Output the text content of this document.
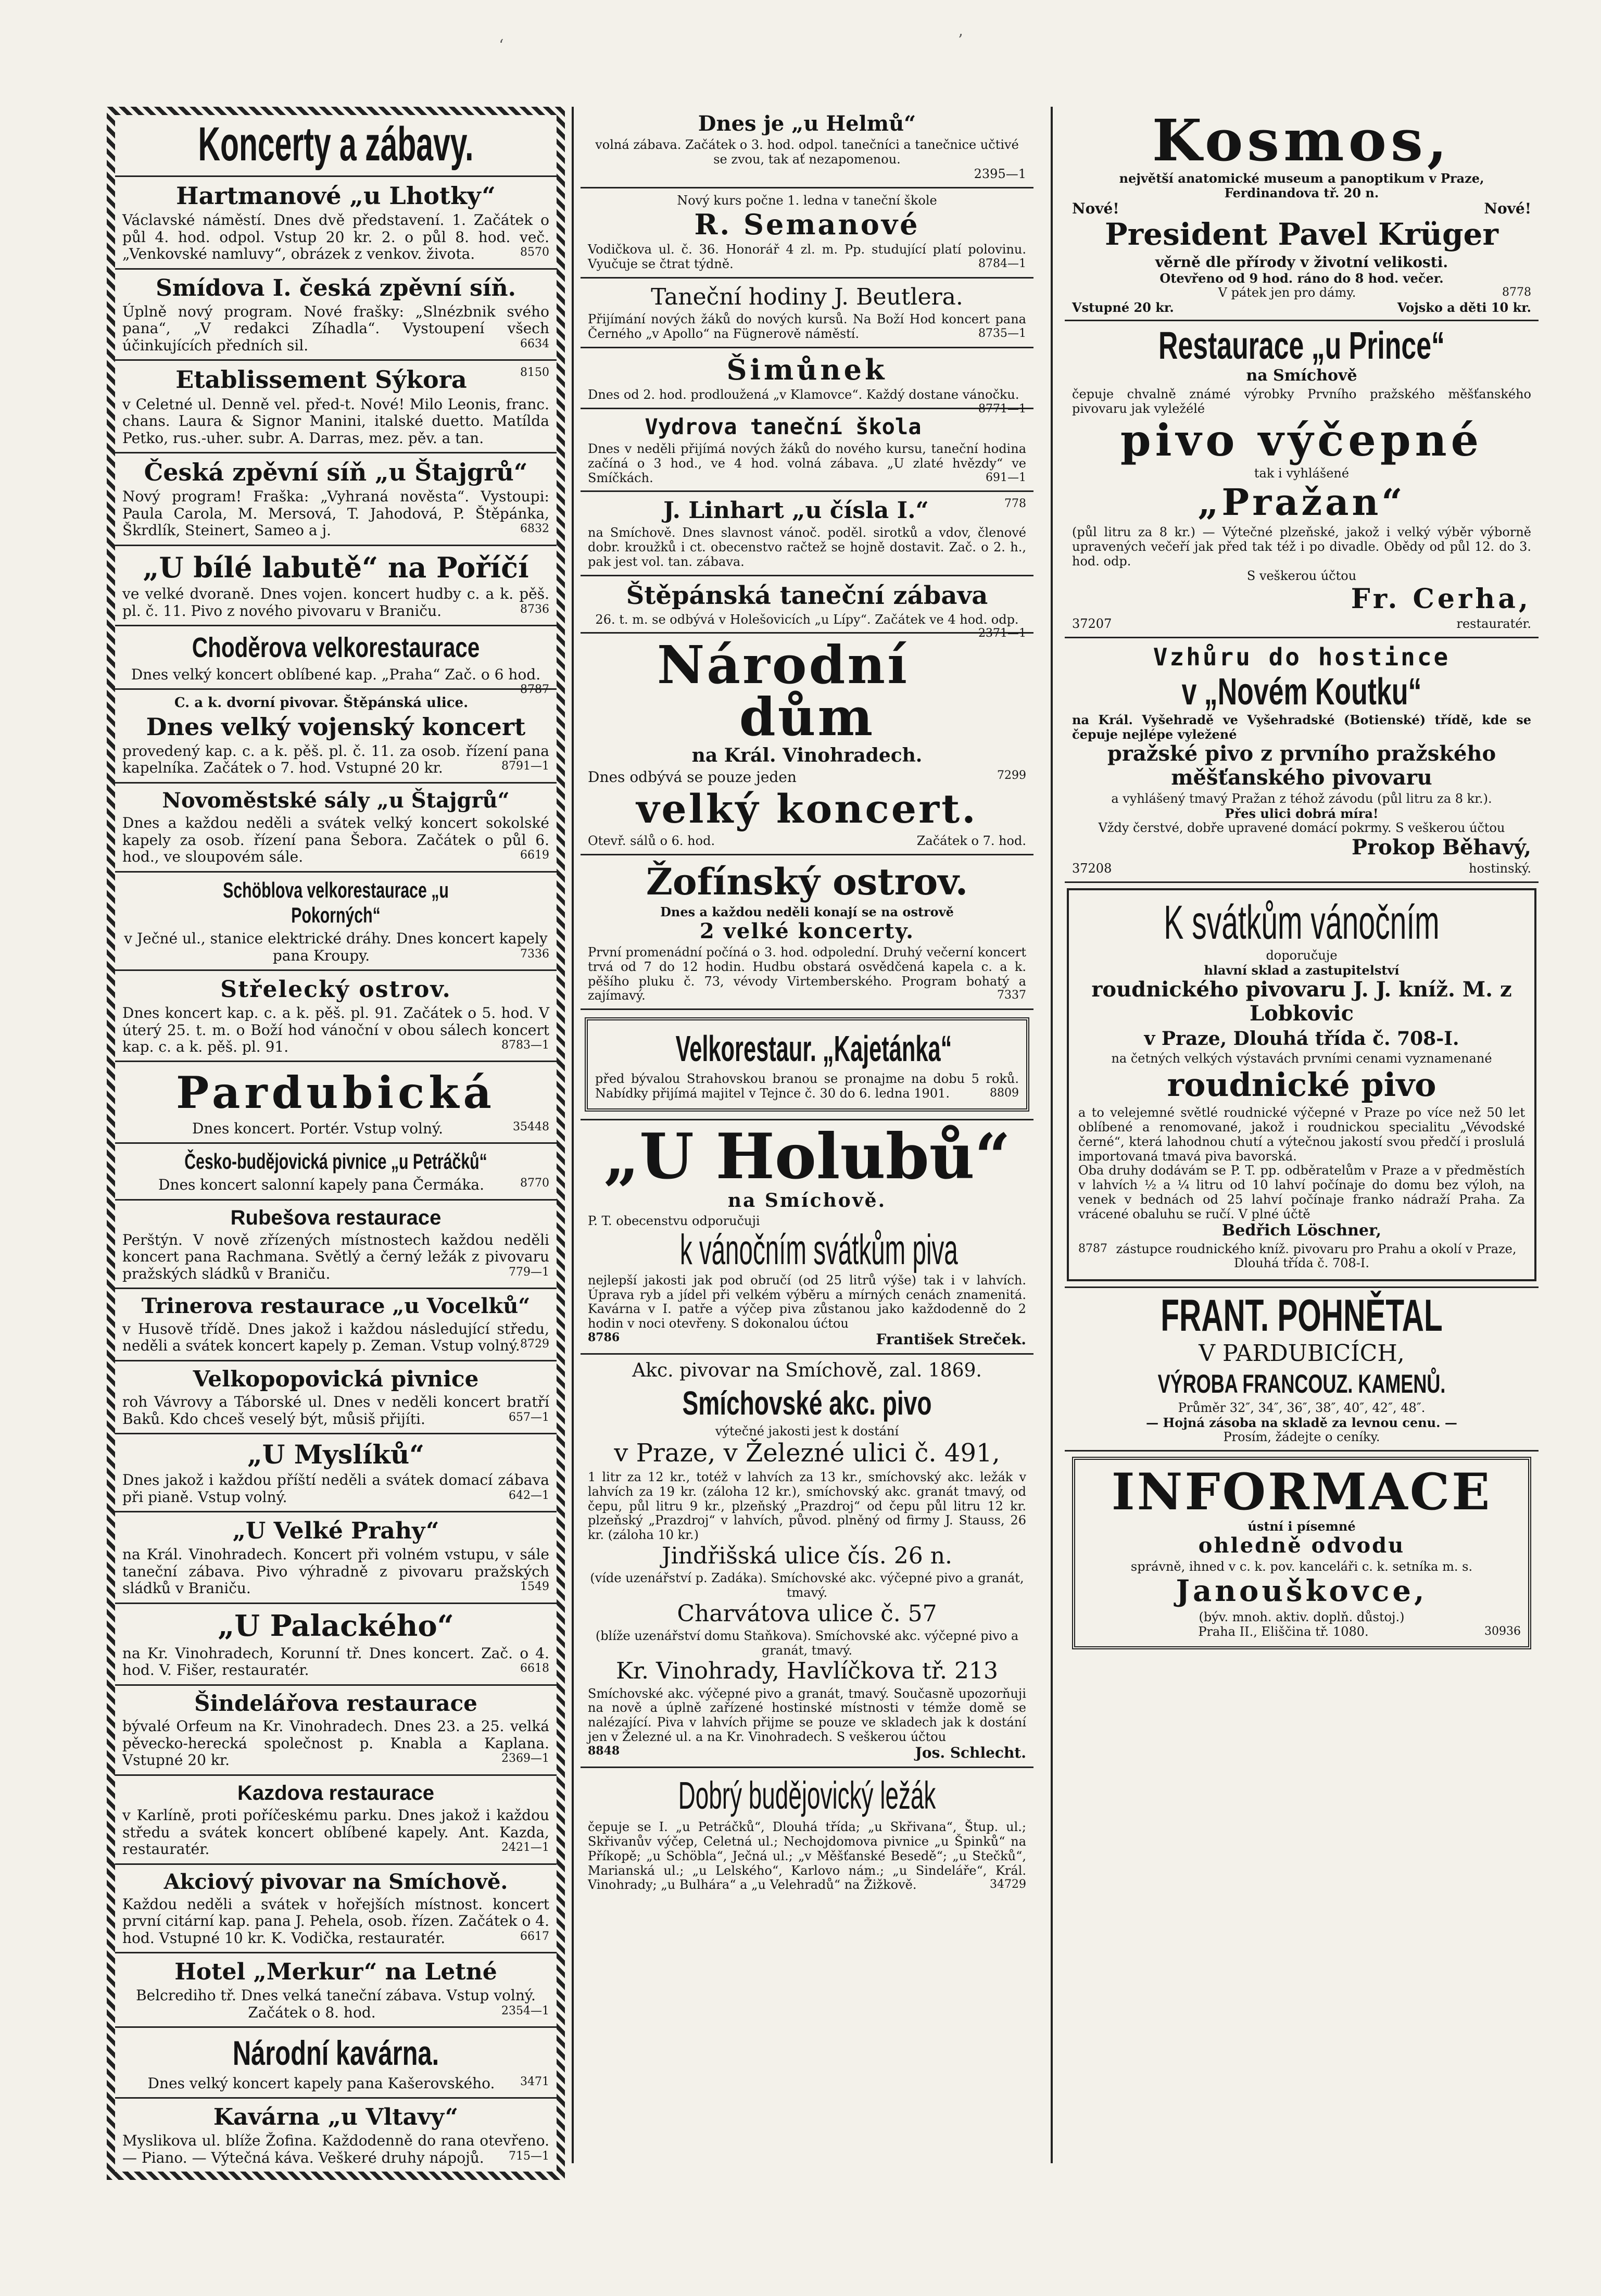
‘	’
Koncerty a zábavy.
Hartmanové „u Lhotky“

Václavské náměstí. Dnes dvě představení. 1. Začátek o půl 4. hod. odpol. Vstup 20 kr. 2. o půl 8. hod. več. „Venkovské namluvy“, obrázek z venkov. života.	8570

Smídova I. česká zpěvní síň.

Úplně nový program. Nové frašky: „Slnézbnik svého pana“, „V redakci Zíhadla“. Vystoupení všech účinkujících předních sil.	6634

Etablissement Sýkora	8150

v Celetné ul. Denně vel. před-t. Nové! Milo Leonis, franc. chans. Laura & Signor Manini, italské duetto. Matílda Petko, rus.-uher. subr. A. Darras, mez. pěv. a tan.

Česká zpěvní síň „u Štajgrů“

Nový program! Fraška: „Vyhraná nověsta“. Vystoupi: Paula Carola, M. Mersová, T. Jahodová, P. Štěpánka, Škrdlík, Steinert, Sameo a j.	6832

„U bílé labutě“ na Poříčí

ve velké dvoraně. Dnes vojen. koncert hudby c. a k. pěš. pl. č. 11. Pivo z nového pivovaru v Braniču.	8736

Choděrova velkorestaurace

Dnes velký koncert oblíbené kap. „Praha“ Zač. o 6 hod.
8787

C. a k. dvorní pivovar. Štěpánská ulice.
Dnes velký vojenský koncert

provedený kap. c. a k. pěš. pl. č. 11. za osob. řízení pana kapelníka. Začátek o 7. hod. Vstupné 20 kr.	8791—1

Novoměstské sály „u Štajgrů“

Dnes a každou neděli a svátek velký koncert sokolské kapely za osob. řízení pana Šebora. Začátek o půl 6. hod., ve sloupovém sále.	6619

Schöblova velkorestaurace „u Pokorných“

v Ječné ul., stanice elektrické dráhy. Dnes koncert kapely pana Kroupy.	7336

Střelecký ostrov.

Dnes koncert kap. c. a k. pěš. pl. 91. Začátek o 5. hod. V úterý 25. t. m. o Boží hod vánoční v obou sálech koncert kap. c. a k. pěš. pl. 91.	8783—1

Pardubická

Dnes koncert. Portér. Vstup volný.	35448

Česko-budějovická pivnice „u Petráčků“

Dnes koncert salonní kapely pana Čermáka.	8770

Rubešova restaurace

Perštýn. V nově zřízených místnostech každou neděli koncert pana Rachmana. Světlý a černý ležák z pivovaru pražských sládků v Braniču.	779—1

Trinerova restaurace „u Vocelků“

v Husově třídě. Dnes jakož i každou následující středu, neděli a svátek koncert kapely p. Zeman. Vstup volný. 8729

Velkopopovická pivnice

roh Vávrovy a Táborské ul. Dnes v neděli koncert bratří Baků. Kdo chceš veselý být, můsiš přijíti.	657—1

„U Myslíků“

Dnes jakož i každou příští neděli a svátek domací zábava při pianě. Vstup volný.	642—1

„U Velké Prahy“

na Král. Vinohradech. Koncert při volném vstupu, v sále taneční zábava. Pivo výhradně z pivovaru pražských sládků v Braniču.	1549

„U Palackého“

na Kr. Vinohradech, Korunní tř. Dnes koncert. Zač. o 4. hod. V. Fišer, restauratér.	6618

Šindelářova restaurace

bývalé Orfeum na Kr. Vinohradech. Dnes 23. a 25. velká pěvecko-herecká společnost p. Knabla a Kaplana. Vstupné 20 kr.	2369—1

Kazdova restaurace

v Karlíně, proti poříčeskému parku. Dnes jakož i každou středu a svátek koncert oblíbené kapely. Ant. Kazda, restauratér.	2421—1

Akciový pivovar na Smíchově.

Každou neděli a svátek v hořejších místnost. koncert první citární kap. pana J. Pehela, osob. řízen. Začátek o 4. hod. Vstupné 10 kr. K. Vodička, restauratér.	6617

Hotel „Merkur“ na Letné

Belcrediho tř. Dnes velká taneční zábava. Vstup volný. Začátek o 8. hod.	2354—1

Národní kavárna.

Dnes velký koncert kapely pana Kašerovského. 3471

Kavárna „u Vltavy“

Myslikova ul. blíže Žofina. Každodenně do rana otevřeno. — Piano. — Výtečná káva. Veškeré druhy nápojů. 715—1

Dnes je „u Helmů“

volná zábava. Začátek o 3. hod. odpol. tanečníci a tanečnice učtivé se zvou, tak ať nezapomenou.

2395—1

Nový kurs počne 1. ledna v taneční škole

R. Semanové

Vodičkova ul. č. 36. Honorář 4 zl. m. Pp. studující platí polovinu. Vyučuje se čtrat týdně.	8784—1

Taneční hodiny J. Beutlera.

Přijímání nových žáků do nových kursů. Na Boží Hod koncert pana Černého „v Apollo“ na Fügnerově náměstí.	8735—1

Šimůnek

Dnes od 2. hod. prodloužená „v Klamovce“. Každý dostane vánočku.
8771—1

Vydrova taneční škola

Dnes v neděli přijímá nových žáků do nového kursu, taneční hodina začíná o 3 hod., ve 4 hod. volná zábava. „U zlaté hvězdy“ ve Smíčkách.	691—1

J. Linhart „u čísla I.“	778

na Smíchově. Dnes slavnost vánoč. poděl. sirotků a vdov, členové dobr. kroužků i ct. obecenstvo račtež se hojně dostavit. Zač. o 2. h., pak jest vol. tan. zábava.

Štěpánská taneční zábava

26. t. m. se odbývá v Holešovicích „u Lípy“. Začátek ve 4 hod. odp.
2371—1

Národní dům
na Král. Vinohradech.

Dnes odbývá se pouze jeden	7299

velký koncert.

Otevř. sálů o 6. hod.	Začátek o 7. hod.

Žofínský ostrov.

Dnes a každou neděli konají se na ostrově

2 velké koncerty.

První promenádní počíná o 3. hod. odpolední. Druhý večerní koncert trvá od 7 do 12 hodin. Hudbu obstará osvědčená kapela c. a k. pěšího pluku č. 73, vévody Virtemberského. Program bohatý a zajímavý.	7337

Velkorestaur. „Kajetánka“

před bývalou Strahovskou branou se pronajme na dobu 5 roků. Nabídky přijímá majitel v Tejnce č. 30 do 6. ledna 1901.	8809

„U Holubů“
na Smíchově.

P. T. obecenstvu odporučuji

k vánočním svátkům piva

nejlepší jakosti jak pod obručí (od 25 litrů výše) tak i v lahvích. Úprava ryb a jídel při velkém výběru a mírných cenách znamenitá. Kavárna v I. patře a výčep piva zůstanou jako každodenně do 2 hodin v noci otevřeny. S dokonalou úćtou

8786	František Streček.

Akc. pivovar na Smíchově, zal. 1869.
Smíchovské akc. pivo

výtečné jakosti jest k dostání

v Praze, v Železné ulici č. 491,

1 litr za 12 kr., totéž v lahvích za 13 kr., smíchovský akc. ležák v lahvích za 19 kr. (záloha 12 kr.), smíchovský akc. granát tmavý, od čepu, půl litru 9 kr., plzeňský „Prazdroj“ od čepu půl litru 12 kr. plzeňský „Prazdroj“ v lahvích, původ. plněný od firmy J. Stauss, 26 kr. (záloha 10 kr.)

Jindřišská ulice čís. 26 n.

(víde uzenářství p. Zadáka). Smíchovské akc. výčepné pivo a granát, tmavý.

Charvátova ulice č. 57

(blíže uzenářství domu Staňkova). Smíchovské akc. výčepné pivo a granát, tmavý.

Kr. Vinohrady, Havlíčkova tř. 213

Smíchovské akc. výčepné pivo a granát, tmavý. Současně upozorňuji na nově a úplně zařízené hostinské místnosti v témže domě se nalézající. Piva v lahvích přijme se pouze ve skladech jak k dostání jen v Železné ul. a na Kr. Vinohradech. S veškerou účtou

8848	Jos. Schlecht.

Dobrý budějovický ležák

čepuje se I. „u Petráčků“, Dlouhá třída; „u Skřivana“, Štup. ul.; Skřivanův výčep, Celetná ul.; Nechojdomova pivnice „u Špinků“ na Příkopě; „u Schöbla“, Ječná ul.; „v Měšťanské Besedě“; „u Stečků“, Marianská ul.; „u Lelského“, Karlovo nám.; „u Sindeláře“, Král. Vinohrady; „u Bulhára“ a „u Velehradů“ na Žižkově.	34729

Kosmos,

největší anatomické museum a panoptikum v Praze, Ferdinandova tř. 20 n.

Nové!	Nové!

President Pavel Krüger

věrně dle přírody v životní velikosti.

Otevřeno od 9 hod. ráno do 8 hod. večer.

V pátek jen pro dámy.	8778

Vstupné 20 kr.	Vojsko a děti 10 kr.

Restaurace „u Prince“
na Smíchově

čepuje chvalně známé výrobky Prvního pražského měšťanského pivovaru jak vyležélé

pivo výčepné

tak i vyhlášené

„Pražan“

(půl litru za 8 kr.) — Výtečné plzeňské, jakož i velký výběr výborně upravených večeří jak před tak též i po divadle. Obědy od půl 12. do 3. hod. odp.

S veškerou účtou

Fr. Cerha,

37207	restauratér.

Vzhůru do hostince
v „Novém Koutku“

na Král. Vyšehradě ve Vyšehradské (Botienské) třídě, kde se čepuje nejlépe vyležené

pražské pivo z prvního pražského měšťanského pivovaru

a vyhlášený tmavý Pražan z téhož závodu (půl litru za 8 kr.).

Přes ulici dobrá míra!

Vždy čerstvé, dobře upravené domácí pokrmy. S veškerou účtou

Prokop Běhavý,

37208	hostinský.

K svátkům vánočním

doporučuje

hlavní sklad a zastupitelství

roudnického pivovaru J. J. kníž. M. z Lobkovic
v Praze, Dlouhá třída č. 708-I.

na četných velkých výstavách prvními cenami vyznamenané

roudnické pivo

a to velejemné světlé roudnické výčepné v Praze po více než 50 let oblíbené a renomované, jakož i roudnickou specialitu „Vévodské černé“, která lahodnou chutí a výtečnou jakostí svou předčí i proslulá importovaná tmavá piva bavorská.

Oba druhy dodávám se P. T. pp. odběratelům v Praze a v předměstích v lahvích ½ a ¼ litru od 10 lahví počínaje do domu bez výloh, na venek v bednách od 25 lahví počínaje franko nádraží Praha. Za vrácené obaluhu se ručí. V plné účtě

Bedřich Löschner,

8787 zástupce roudnického kníž. pivovaru pro Prahu a okolí v Praze, Dlouhá třída č. 708-I.

FRANT. POHNĚTAL
V PARDUBICÍCH,
VÝROBA FRANCOUZ. KAMENŮ.

Průměr 32″, 34″, 36″, 38″, 40″, 42″, 48″.

— Hojná zásoba na skladě za levnou cenu. —

Prosím, žádejte o ceníky.

INFORMACE

ústní i písemné

ohledně odvodu

správně, ihned v c. k. pov. kanceláři c. k. setníka m. s.

Janouškovce,

(býv. mnoh. aktiv. doplň. důstoj.)

Praha II., Eliščina tř. 1080.	30936
